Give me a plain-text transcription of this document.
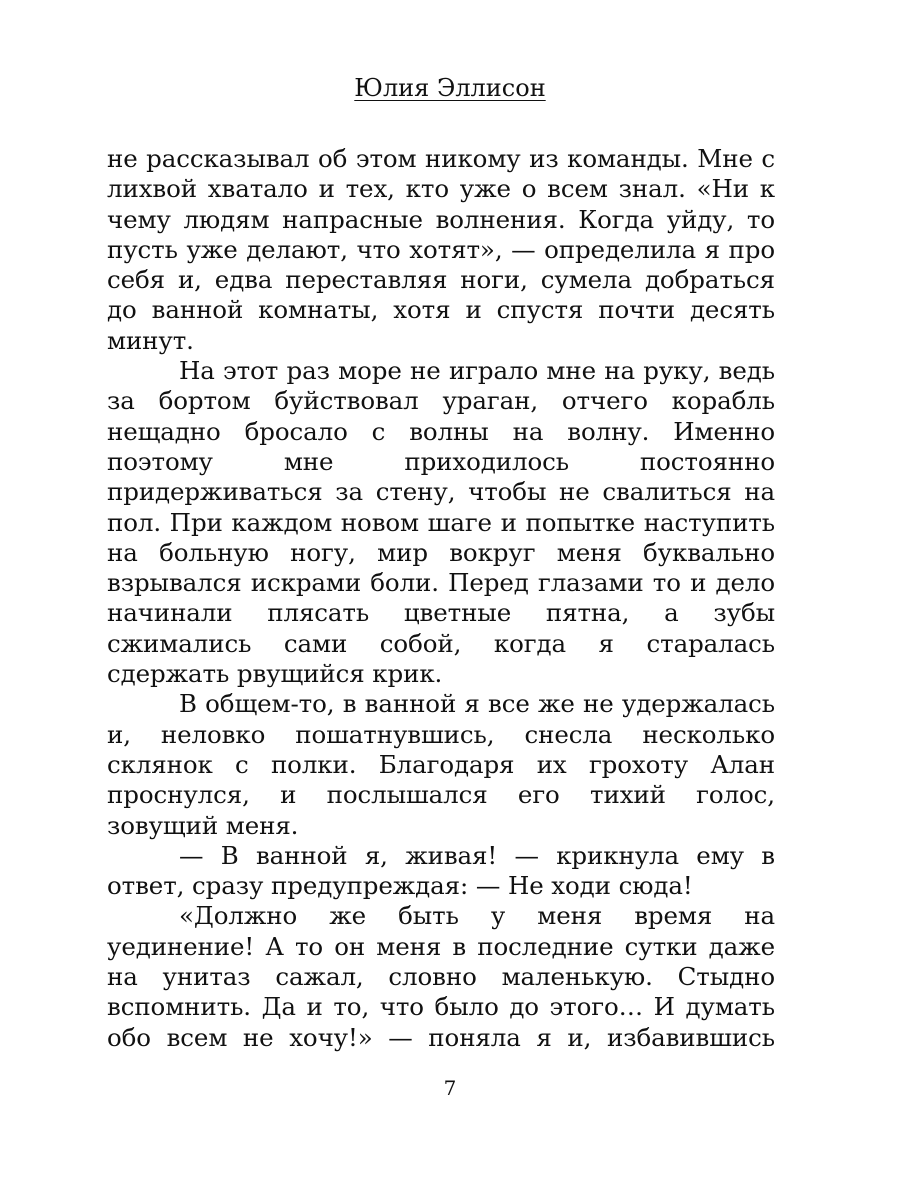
Юлия Эллисон

не рассказывал об этом никому из команды. Мне с лихвой хватало и тех, кто уже о всем знал. «Ни к чему людям напрасные волнения. Когда уйду, то пусть уже делают, что хотят», — определила я про себя и, едва переставляя ноги, сумела добраться до ванной комнаты, хотя и спустя почти десять минут.

На этот раз море не играло мне на руку, ведь за бортом буйствовал ураган, отчего корабль нещадно бросало с волны на волну. Именно поэтому мне приходилось постоянно придерживаться за стену, чтобы не свалиться на пол. При каждом новом шаге и попытке наступить на больную ногу, мир вокруг меня буквально взрывался искрами боли. Перед глазами то и дело начинали плясать цветные пятна, а зубы сжимались сами собой, когда я старалась сдержать рвущийся крик.

В общем-то, в ванной я все же не удержалась и, неловко пошатнувшись, снесла несколько склянок с полки. Благодаря их грохоту Алан проснулся, и послышался его тихий голос, зовущий меня.

— В ванной я, живая! — крикнула ему в ответ, сразу предупреждая: — Не ходи сюда!

«Должно же быть у меня время на уединение! А то он меня в последние сутки даже на унитаз сажал, словно маленькую. Стыдно вспомнить. Да и то, что было до этого… И думать обо всем не хочу!» — поняла я и, избавившись

7
